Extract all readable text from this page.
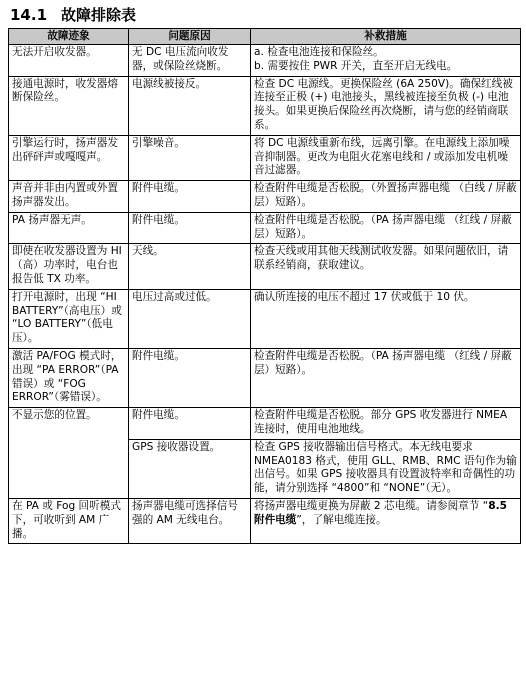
14.1 故障排除表
故障迹象	问题原因	补救措施
无法开启收发器。	无 DC 电压流向收发器，或保险丝烧断。	a. 检查电池连接和保险丝。
b. 需要按住 PWR 开关，直至开启无线电。

接通电源时，收发器熔断保险丝。	电源线被接反。	检查 DC 电源线。更换保险丝 (6A 250V)。确保红线被连接至正极 (+) 电池接头，黑线被连接至负极 (-) 电池接头。如果更换后保险丝再次烧断，请与您的经销商联系。
引擎运行时，扬声器发出砰砰声或嘎嘎声。	引擎噪音。	将 DC 电源线重新布线，远离引擎。在电源线上添加噪音抑制器。更改为电阻火花塞电线和 / 或添加发电机噪音过滤器。
声音并非由内置或外置扬声器发出。	附件电缆。	检查附件电缆是否松脱。（外置扬声器电缆 （白线 / 屏蔽层）短路）。
PA 扬声器无声。	附件电缆。	检查附件电缆是否松脱。（PA 扬声器电缆 （红线 / 屏蔽层）短路）。
即使在收发器设置为 HI（高）功率时，电台也报告低 TX 功率。	天线。	检查天线或用其他天线测试收发器。如果问题依旧，请联系经销商，获取建议。
打开电源时，出现 “HI BATTERY”（高电压）或 “LO BATTERY”（低电压）。	电压过高或过低。	确认所连接的电压不超过 17 伏或低于 10 伏。
激活 PA/FOG 模式时，出现 “PA ERROR”（PA 错误）或 “FOG ERROR”（雾错误）。	附件电缆。	检查附件电缆是否松脱。（PA 扬声器电缆 （红线 / 屏蔽层）短路）。
不显示您的位置。	附件电缆。	检查附件电缆是否松脱。部分 GPS 收发器进行 NMEA 连接时，使用电池地线。
	GPS 接收器设置。	检查 GPS 接收器输出信号格式。本无线电要求 NMEA0183 格式，使用 GLL、RMB、RMC 语句作为输出信号。如果 GPS 接收器具有设置波特率和奇偶性的功能，请分别选择 “4800”和 “NONE”（无）。
在 PA 或 Fog 回听模式下，可收听到 AM 广播。	扬声器电缆可选择信号强的 AM 无线电台。	将扬声器电缆更换为屏蔽 2 芯电缆。请参阅章节 “8.5 附件电缆”，了解电缆连接。
